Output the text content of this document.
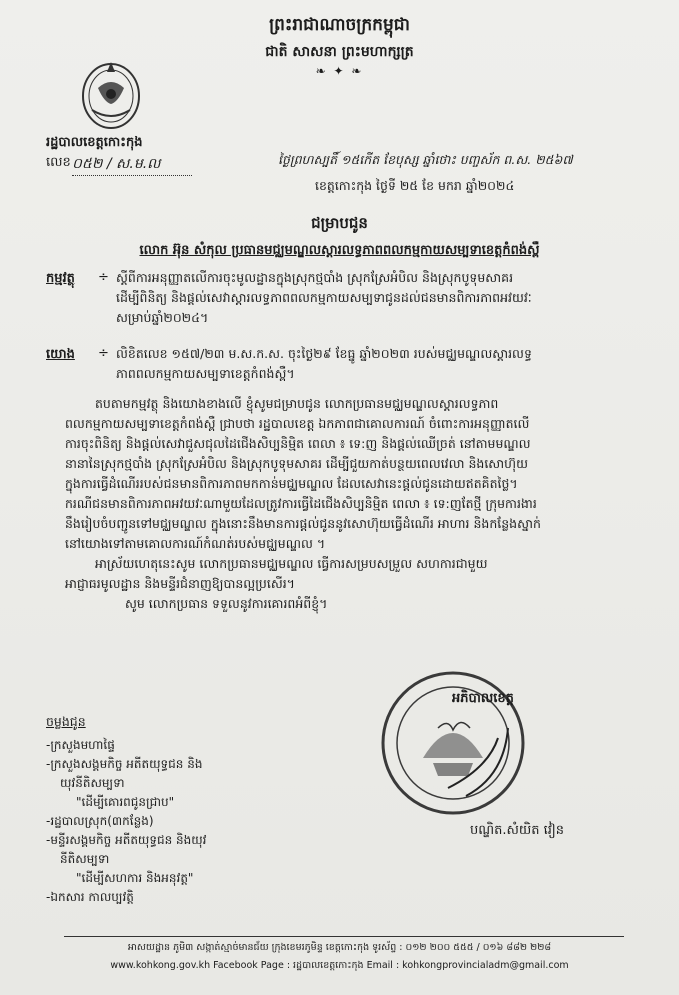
ព្រះរាជាណាចក្រកម្ពុជា
ជាតិ សាសនា ព្រះមហាក្សត្រ
❧ ✦ ❧
រដ្ឋបាលខេត្តកោះកុង
លេខ ០៥២ / ស.ម.ល	ថ្ងៃព្រហស្បតិ៍ ១៥កើត ខែបុស្ស ឆ្នាំថោះ បញ្ចស័ក ព.ស. ២៥៦៧
ខេត្តកោះកុង ថ្ងៃទី ២៥ ខែ មករា ឆ្នាំ២០២៤
ជម្រាបជូន
លោក អ៊ុន សំកុល ប្រធានមជ្ឈមណ្ឌលស្តារលទ្ធភាពពលកម្មកាយសម្បទាខេត្តកំពង់ស្ពឺ
កម្មវត្ថុ ÷ ស្តីពីការអនុញ្ញាតលើការចុះមូលដ្ឋានក្នុងស្រុកថ្មបាំង ស្រុកស្រែអំបិល និងស្រុកបូទុមសាគរ
ដើម្បីពិនិត្យ និងផ្តល់សេវាស្តារលទ្ធភាពពលកម្មកាយសម្បទាជូនដល់ជនមានពិការភាពអវយវៈ
សម្រាប់ឆ្នាំ២០២៤។
យោង ÷ លិខិតលេខ ១៥៧/២៣ ម.ស.ក.ស. ចុះថ្ងៃ២៩ ខែធ្នូ ឆ្នាំ២០២៣ របស់មជ្ឈមណ្ឌលស្តារលទ្ធ
ភាពពលកម្មកាយសម្បទាខេត្តកំពង់ស្ពឺ។
តបតាមកម្មវត្ថុ និងយោងខាងលើ ខ្ញុំសូមជម្រាបជូន លោកប្រធានមជ្ឈមណ្ឌលស្តារលទ្ធភាព
ពលកម្មកាយសម្បទាខេត្តកំពង់ស្ពឺ ជ្រាបថា រដ្ឋបាលខេត្ត ឯកភាពជាគោលការណ៍ ចំពោះការអនុញ្ញាតលើ
ការចុះពិនិត្យ និងផ្តល់សេវាជួសជុលដៃជើងសិប្បនិម្មិត ពេលា ៖ ទេ:ញ និងផ្តល់ឈើច្រត់ នៅតាមមណ្ឌល
នានានៃស្រុកថ្មបាំង ស្រុកស្រែអំបិល និងស្រុកបូទុមសាគរ ដើម្បីជួយកាត់បន្ថយពេលវេលា និងសោហ៊ុយ
ក្នុងការធ្វើដំណើររបស់ជនមានពិការភាពមកកាន់មជ្ឈមណ្ឌល ដែលសេវានេះផ្តល់ជូនដោយឥតគិតថ្លៃ។
ករណីជនមានពិការភាពអវយវៈណាមួយដែលត្រូវការធ្វើដៃជើងសិប្បនិម្មិត ពេលា ៖ ទេ:ញតែថ្មី ក្រុមការងារ
នឹងរៀបចំបញ្ជូនទៅមជ្ឈមណ្ឌល ក្នុងនោះនឹងមានការផ្តល់ជូននូវសោហ៊ុយធ្វើដំណើរ អាហារ និងកន្លែងស្នាក់
នៅយោងទៅតាមគោលការណ៍កំណត់របស់មជ្ឈមណ្ឌល ។
អាស្រ័យហេតុនេះសូម លោកប្រធានមជ្ឈមណ្ឌល ធ្វើការសម្របសម្រួល សហការជាមួយ
អាជ្ញាធរមូលដ្ឋាន និងមន្ទីរជំនាញឱ្យបានល្អប្រសើរ។
សូម លោកប្រធាន ទទួលនូវការគោរពអំពីខ្ញុំ។
ចម្លងជូន
-ក្រសួងមហាផ្ទៃ
-ក្រសួងសង្គមកិច្ច អតីតយុទ្ធជន និង
យុវនីតិសម្បទា
"ដើម្បីគោរពជូនជ្រាប"
-រដ្ឋបាលស្រុក(៣កន្លែង)
-មន្ទីរសង្គមកិច្ច អតីតយុទ្ធជន និងយុវ
នីតិសម្បទា
"ដើម្បីសហការ និងអនុវត្ត"
-ឯកសារ កាលប្បវត្តិ
អភិបាលខេត្ត
បណ្ឌិត.សំយិត វៀន
អាសយដ្ឋាន ភូមិ៣ សង្កាត់ស្មាច់មានជ័យ ក្រុងខេមរភូមិន្ទ ខេត្តកោះកុង ទូរស័ព្ទ : ០១២ ២០០ ៥៥៥ / ០១៦ ៨៨២ ២២៨
www.kohkong.gov.kh Facebook Page : រដ្ឋបាលខេត្តកោះកុង Email : kohkongprovincialadm@gmail.com
